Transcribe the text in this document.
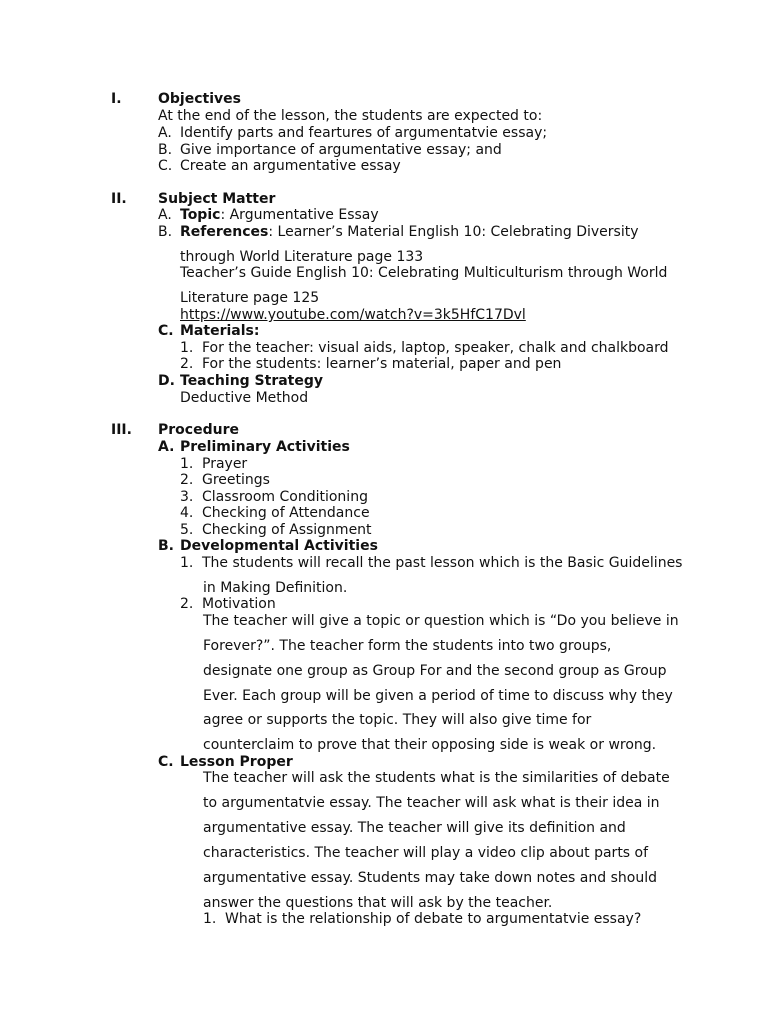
I.	Objectives
At the end of the lesson, the students are expected to:
A. Identify parts and feartures of argumentatvie essay;
B. Give importance of argumentative essay; and
C. Create an argumentative essay
II. Subject Matter
A. Topic: Argumentative Essay
B. References: Learner’s Material English 10: Celebrating Diversity
through World Literature page 133
Teacher’s Guide English 10: Celebrating Multiculturism through World
Literature page 125
https://www.youtube.com/watch?v=3k5HfC17Dvl
C. Materials:
1. For the teacher: visual aids, laptop, speaker, chalk and chalkboard
2. For the students: learner’s material, paper and pen
D. Teaching Strategy
Deductive Method
III. Procedure
A. Preliminary Activities
1. Prayer
2. Greetings
3. Classroom Conditioning
4. Checking of Attendance
5. Checking of Assignment
B. Developmental Activities
1. The students will recall the past lesson which is the Basic Guidelines
in Making Definition.
2. Motivation
The teacher will give a topic or question which is “Do you believe in
Forever?”. The teacher form the students into two groups,
designate one group as Group For and the second group as Group
Ever. Each group will be given a period of time to discuss why they
agree or supports the topic. They will also give time for
counterclaim to prove that their opposing side is weak or wrong.
C. Lesson Proper
The teacher will ask the students what is the similarities of debate
to argumentatvie essay. The teacher will ask what is their idea in
argumentative essay. The teacher will give its definition and
characteristics. The teacher will play a video clip about parts of
argumentative essay. Students may take down notes and should
answer the questions that will ask by the teacher.
1. What is the relationship of debate to argumentatvie essay?
